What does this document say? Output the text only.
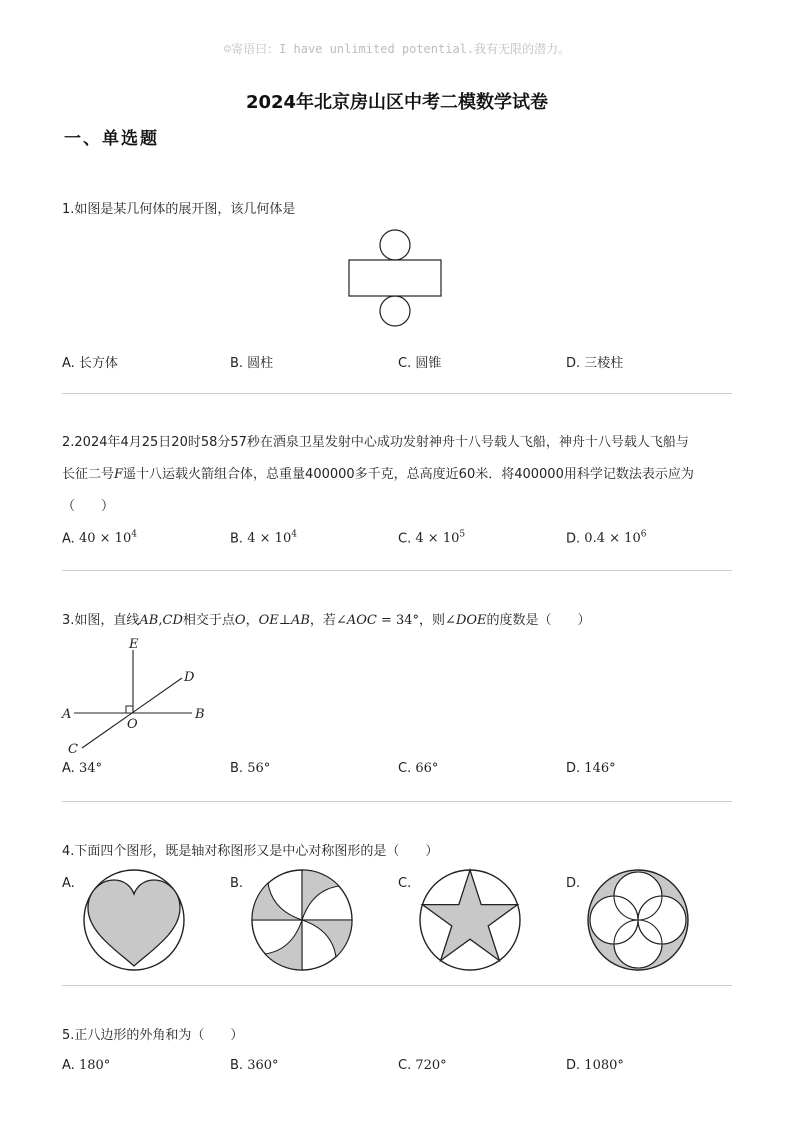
☺寄语曰：I have unlimited potential.我有无限的潜力。
2024年北京房山区中考二模数学试卷
一、单选题
1.如图是某几何体的展开图，该几何体是
A. 长方体	B. 圆柱	C. 圆锥	D. 三棱柱
2.2024年4月25日20时58分57秒在酒泉卫星发射中心成功发射神舟十八号载人飞船，神舟十八号载人飞船与
长征二号F遥十八运载火箭组合体，总重量400000多千克，总高度近60米．将400000用科学记数法表示应为
（　　）
A. $40 \times 10^4$	B. $4 \times 10^4$	C. $4 \times 10^5$	D. $0.4 \times 10^6$
3.如图，直线AB,CD相交于点O，OE⊥AB，若∠AOC = 34°，则∠DOE的度数是（　　）
E
D
A	B
O
C
A. 34°	B. 56°	C. 66°	D. 146°
4.下面四个图形，既是轴对称图形又是中心对称图形的是（　　）
A.	B.	C.	D.
5.正八边形的外角和为（　　）
A. 180°	B. 360°	C. 720°	D. 1080°
